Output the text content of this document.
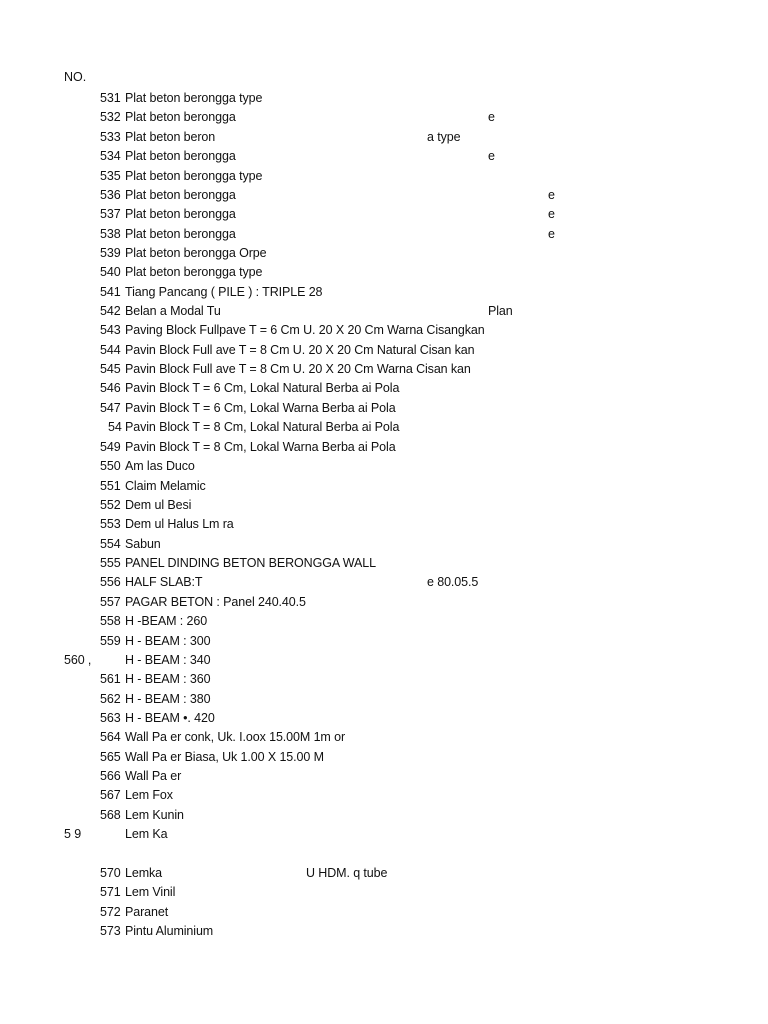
NO.
531 Plat beton berongga type
532 Plat beton berongga	e
533 Plat beton beron	a type
534 Plat beton berongga	e
535 Plat beton berongga type
536 Plat beton berongga	e
537 Plat beton berongga	e
538 Plat beton berongga	e
539 Plat beton berongga Orpe
540 Plat beton berongga type
541 Tiang Pancang ( PILE ) : TRIPLE 28
542 Belan a Modal Tu	Plan
543 Paving Block Fullpave T = 6 Cm U. 20 X 20 Cm Warna Cisangkan
544 Pavin Block Full ave T = 8 Cm U. 20 X 20 Cm Natural Cisan kan
545 Pavin Block Full ave T = 8 Cm U. 20 X 20 Cm Warna Cisan kan
546 Pavin Block T = 6 Cm, Lokal Natural Berba ai Pola
547 Pavin Block T = 6 Cm, Lokal Warna Berba ai Pola
54 Pavin Block T = 8 Cm, Lokal Natural Berba ai Pola
549 Pavin Block T = 8 Cm, Lokal Warna Berba ai Pola
550 Am las Duco
551 Claim Melamic
552 Dem ul Besi
553 Dem ul Halus Lm ra
554 Sabun
555 PANEL DINDING BETON BERONGGA WALL
556 HALF SLAB:T	e 80.05.5
557 PAGAR BETON : Panel 240.40.5
558 H -BEAM : 260
559 H - BEAM : 300
560 ,	H - BEAM : 340
561 H - BEAM : 360
562 H - BEAM : 380
563 H - BEAM •. 420
564 Wall Pa er conk, Uk. I.oox 15.00M 1m or
565 Wall Pa er Biasa, Uk 1.00 X 15.00 M
566 Wall Pa er
567 Lem Fox
568 Lem Kunin
5 9	Lem Ka
570 Lemka	U HDM. q tube
571 Lem Vinil
572 Paranet
573 Pintu Aluminium
